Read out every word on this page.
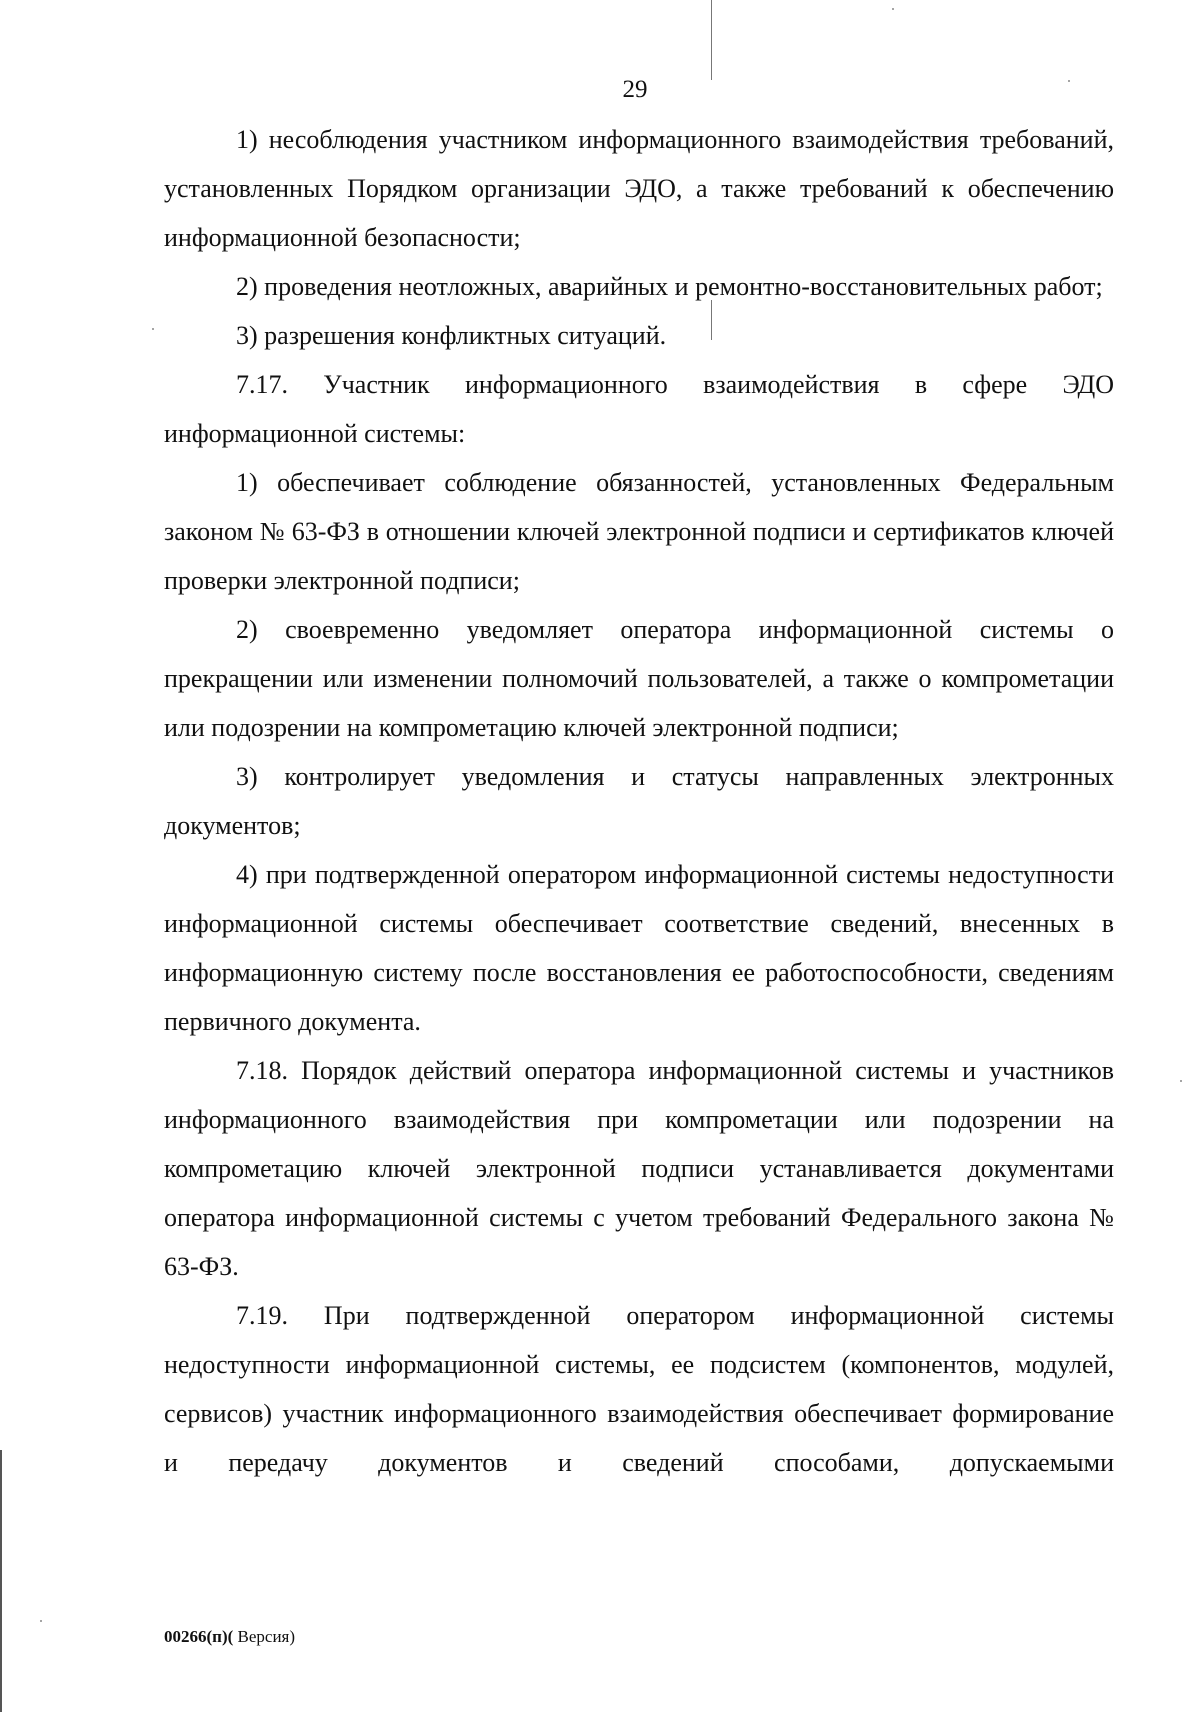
29

1) несоблюдения участником информационного взаимодействия требований, установленных Порядком организации ЭДО, а также требований к обеспечению информационной безопасности;

2) проведения неотложных, аварийных и ремонтно-восстановительных работ;

3) разрешения конфликтных ситуаций.

7.17. Участник информационного взаимодействия в сфере ЭДО информационной системы:

1) обеспечивает соблюдение обязанностей, установленных Федеральным законом № 63-ФЗ в отношении ключей электронной подписи и сертификатов ключей проверки электронной подписи;

2) своевременно уведомляет оператора информационной системы о прекращении или изменении полномочий пользователей, а также о компрометации или подозрении на компрометацию ключей электронной подписи;

3) контролирует уведомления и статусы направленных электронных документов;

4) при подтвержденной оператором информационной системы недоступности информационной системы обеспечивает соответствие сведений, внесенных в информационную систему после восстановления ее работоспособности, сведениям первичного документа.

7.18. Порядок действий оператора информационной системы и участников информационного взаимодействия при компрометации или подозрении на компрометацию ключей электронной подписи устанавливается документами оператора информационной системы с учетом требований Федерального закона № 63-ФЗ.

7.19. При подтвержденной оператором информационной системы недоступности информационной системы, ее подсистем (компонентов, модулей, сервисов) участник информационного взаимодействия обеспечивает формирование и передачу документов и сведений способами, допускаемыми

00266(п)( Версия)
